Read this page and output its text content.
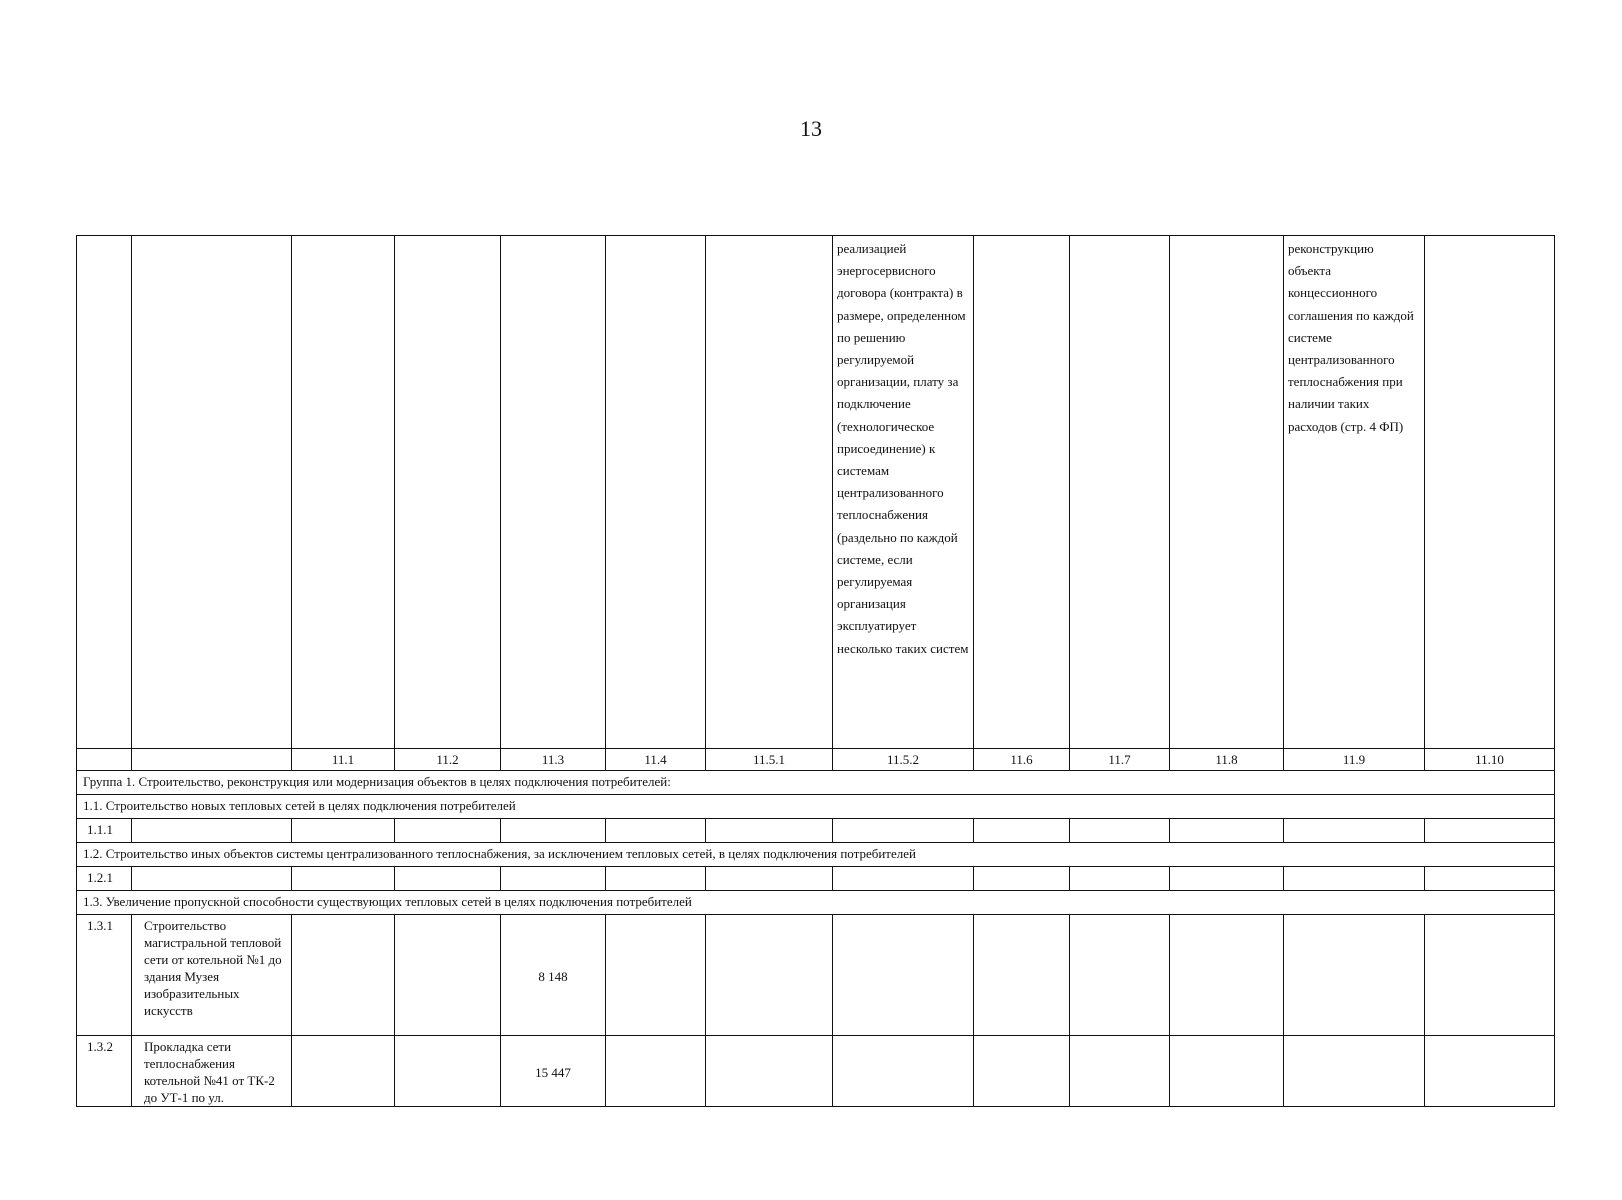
13

							реализацией энергосервисного договора (контракта) в размере, определенном по решению регулируемой организации, плату за подключение (технологическое присоединение) к системам централизованного теплоснабжения (раздельно по каждой системе, если регулируемая организация эксплуатирует несколько таких систем				реконструкцию объекта концессионного соглашения по каждой системе централизованного теплоснабжения при наличии таких расходов (стр. 4 ФП)	

		11.1	11.2	11.3	11.4	11.5.1	11.5.2	11.6	11.7	11.8	11.9	11.10
Группа 1. Строительство, реконструкция или модернизация объектов в целях подключения потребителей:												
1.1. Строительство новых тепловых сетей в целях подключения потребителей												
1.1.1												
1.2. Строительство иных объектов системы централизованного теплоснабжения, за исключением тепловых сетей, в целях подключения потребителей												
1.2.1												
1.3. Увеличение пропускной способности существующих тепловых сетей в целях подключения потребителей												
1.3.1	Строительство магистральной тепловой сети от котельной №1 до здания Музея изобразительных искусств			8 148								
1.3.2	Прокладка сети теплоснабжения котельной №41 от ТК-2 до УТ-1 по ул.			15 447								
